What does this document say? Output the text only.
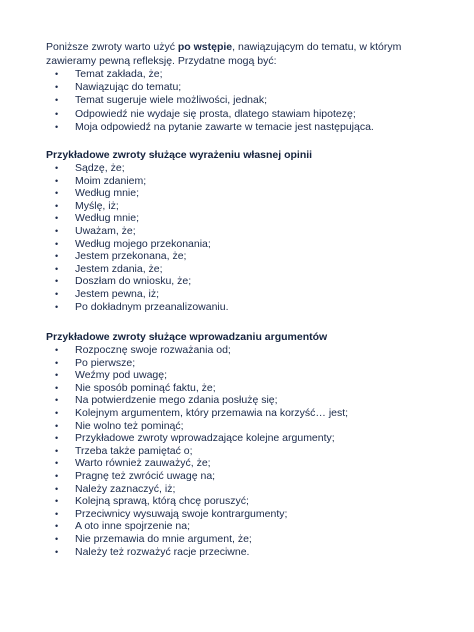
Poniższe zwroty warto użyć po wstępie, nawiązującym do tematu, w którym zawieramy pewną refleksję. Przydatne mogą być:

• Temat zakłada, że;
• Nawiązując do tematu;
• Temat sugeruje wiele możliwości, jednak;
• Odpowiedź nie wydaje się prosta, dlatego stawiam hipotezę;
• Moja odpowiedź na pytanie zawarte w temacie jest następująca.

Przykładowe zwroty służące wyrażeniu własnej opinii

• Sądzę, że;
• Moim zdaniem;
• Według mnie;
• Myślę, iż;
• Według mnie;
• Uważam, że;
• Według mojego przekonania;
• Jestem przekonana, że;
• Jestem zdania, że;
• Doszłam do wniosku, że;
• Jestem pewna, iż;
• Po dokładnym przeanalizowaniu.

Przykładowe zwroty służące wprowadzaniu argumentów

• Rozpocznę swoje rozważania od;
• Po pierwsze;
• Weźmy pod uwagę;
• Nie sposób pominąć faktu, że;
• Na potwierdzenie mego zdania posłużę się;
• Kolejnym argumentem, który przemawia na korzyść… jest;
• Nie wolno też pominąć;
• Przykładowe zwroty wprowadzające kolejne argumenty;
• Trzeba także pamiętać o;
• Warto również zauważyć, że;
• Pragnę też zwrócić uwagę na;
• Należy zaznaczyć, iż;
• Kolejną sprawą, którą chcę poruszyć;
• Przeciwnicy wysuwają swoje kontrargumenty;
• A oto inne spojrzenie na;
• Nie przemawia do mnie argument, że;
• Należy też rozważyć racje przeciwne.
